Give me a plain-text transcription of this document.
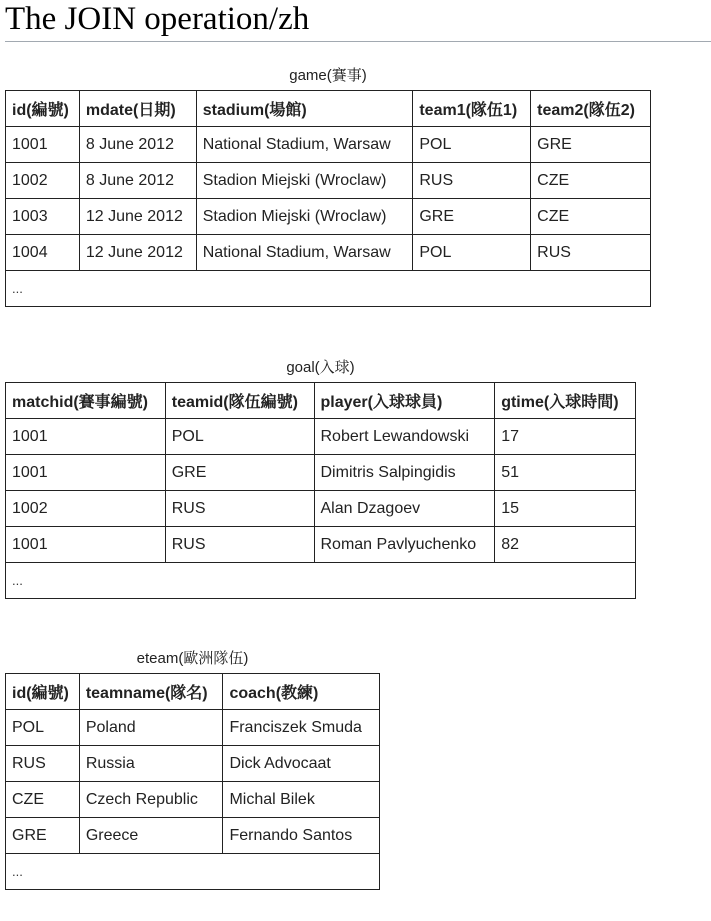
The JOIN operation/zh
game(賽事)
id(編號)	mdate(日期)	stadium(場館)	team1(隊伍1)	team2(隊伍2)
1001	8 June 2012	National Stadium, Warsaw	POL	GRE
1002	8 June 2012	Stadion Miejski (Wroclaw)	RUS	CZE
1003	12 June 2012	Stadion Miejski (Wroclaw)	GRE	CZE
1004	12 June 2012	National Stadium, Warsaw	POL	RUS
...				
goal(入球)
matchid(賽事編號)	teamid(隊伍編號)	player(入球球員)	gtime(入球時間)
1001	POL	Robert Lewandowski	17
1001	GRE	Dimitris Salpingidis	51
1002	RUS	Alan Dzagoev	15
1001	RUS	Roman Pavlyuchenko	82
...			
eteam(歐洲隊伍)
id(編號)	teamname(隊名)	coach(教練)
POL	Poland	Franciszek Smuda
RUS	Russia	Dick Advocaat
CZE	Czech Republic	Michal Bilek
GRE	Greece	Fernando Santos
...		
